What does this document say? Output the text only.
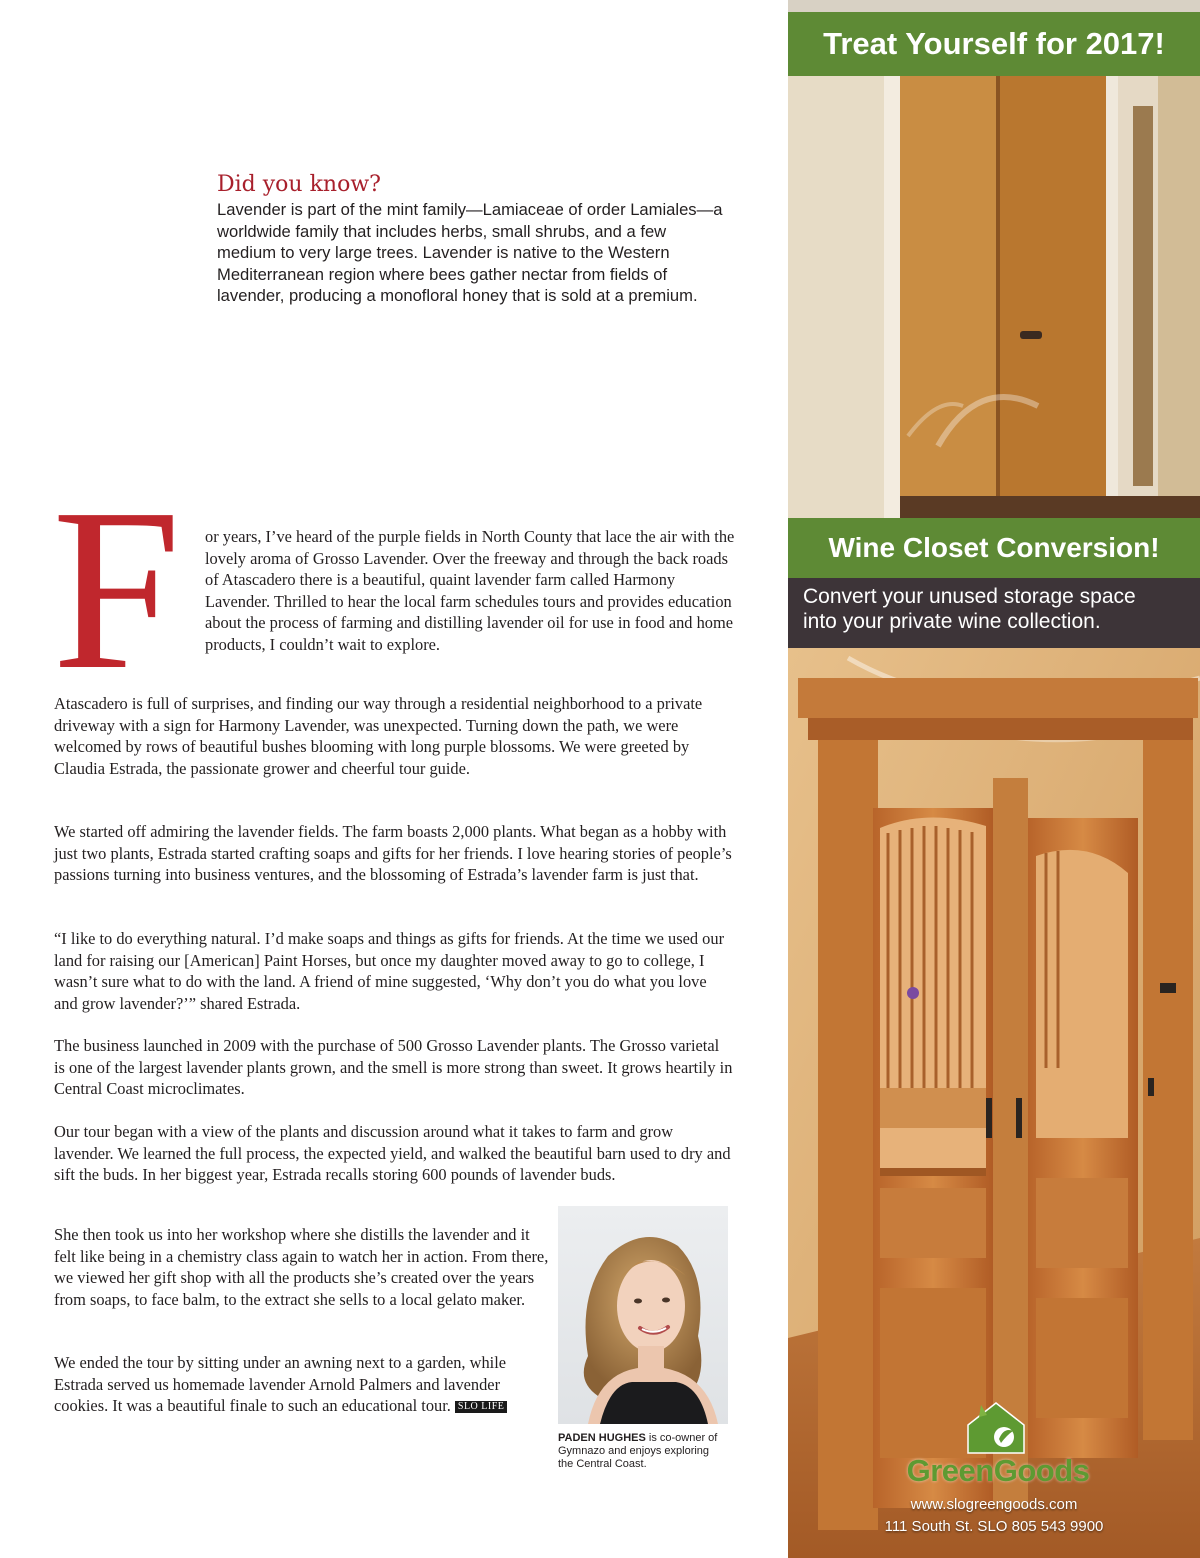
Did you know?

Lavender is part of the mint family—Lamiaceae of order Lamiales—a worldwide family that includes herbs, small shrubs, and a few medium to very large trees. Lavender is native to the Western Mediterranean region where bees gather nectar from fields of lavender, producing a monofloral honey that is sold at a premium.

F	or years, I’ve heard of the purple fields in North County that lace the air with the lovely aroma of Grosso Lavender. Over the freeway and through the back roads of Atascadero there is a beautiful, quaint lavender farm called Harmony Lavender. Thrilled to hear the local farm schedules tours and provides education about the process of farming and distilling lavender oil for use in food and home products, I couldn’t wait to explore.

Atascadero is full of surprises, and finding our way through a residential neighborhood to a private driveway with a sign for Harmony Lavender, was unexpected. Turning down the path, we were welcomed by rows of beautiful bushes blooming with long purple blossoms. We were greeted by Claudia Estrada, the passionate grower and cheerful tour guide.

We started off admiring the lavender fields. The farm boasts 2,000 plants. What began as a hobby with just two plants, Estrada started crafting soaps and gifts for her friends. I love hearing stories of people’s passions turning into business ventures, and the blossoming of Estrada’s lavender farm is just that.

“I like to do everything natural. I’d make soaps and things as gifts for friends. At the time we used our land for raising our [American] Paint Horses, but once my daughter moved away to go to college, I wasn’t sure what to do with the land. A friend of mine suggested, ‘Why don’t you do what you love and grow lavender?’” shared Estrada.

The business launched in 2009 with the purchase of 500 Grosso Lavender plants. The Grosso varietal is one of the largest lavender plants grown, and the smell is more strong than sweet. It grows heartily in Central Coast microclimates.

Our tour began with a view of the plants and discussion around what it takes to farm and grow lavender. We learned the full process, the expected yield, and walked the beautiful barn used to dry and sift the buds. In her biggest year, Estrada recalls storing 600 pounds of lavender buds.

She then took us into her workshop where she distills the lavender and it felt like being in a chemistry class again to watch her in action. From there, we viewed her gift shop with all the products she’s created over the years from soaps, to face balm, to the extract she sells to a local gelato maker.

We ended the tour by sitting under an awning next to a garden, while Estrada served us homemade lavender Arnold Palmers and lavender cookies. It was a beautiful finale to such an educational tour. SLO LIFE

PADEN HUGHES is co-owner of Gymnazo and enjoys exploring the Central Coast.

Treat Yourself for 2017!
Wine Closet Conversion!
Convert your unused storage space
into your private wine collection.
GreenGoods
www.slogreengoods.com
111 South St. SLO 805 543 9900
